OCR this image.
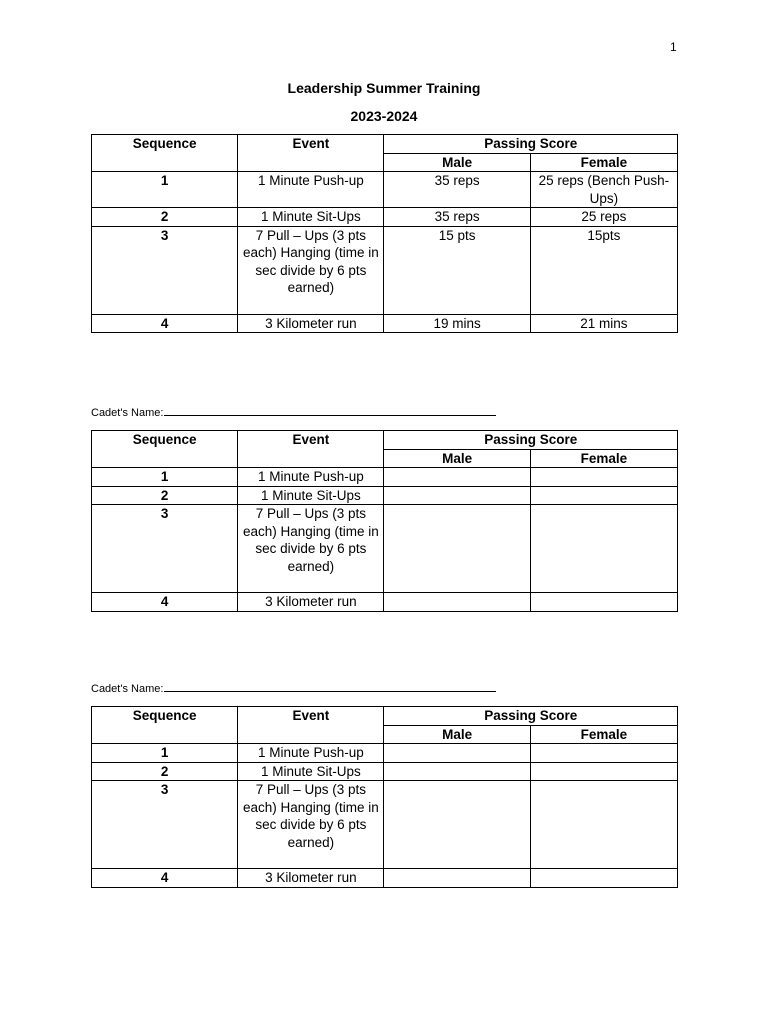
1
Leadership Summer Training
2023-2024
Sequence	Event	Passing Score	
		Male	Female
1	1 Minute Push-up	35 reps	25 reps (Bench Push-Ups)
2	1 Minute Sit-Ups	35 reps	25 reps
3	7 Pull – Ups (3 pts each) Hanging (time in sec divide by 6 pts earned)	15 pts	15pts
4	3 Kilometer run	19 mins	21 mins
Cadet's Name:
Sequence	Event	Passing Score	
		Male	Female
1	1 Minute Push-up		
2	1 Minute Sit-Ups		
3	7 Pull – Ups (3 pts each) Hanging (time in sec divide by 6 pts earned)		
4	3 Kilometer run		
Cadet's Name:
Sequence	Event	Passing Score	
		Male	Female
1	1 Minute Push-up		
2	1 Minute Sit-Ups		
3	7 Pull – Ups (3 pts each) Hanging (time in sec divide by 6 pts earned)		
4	3 Kilometer run		
